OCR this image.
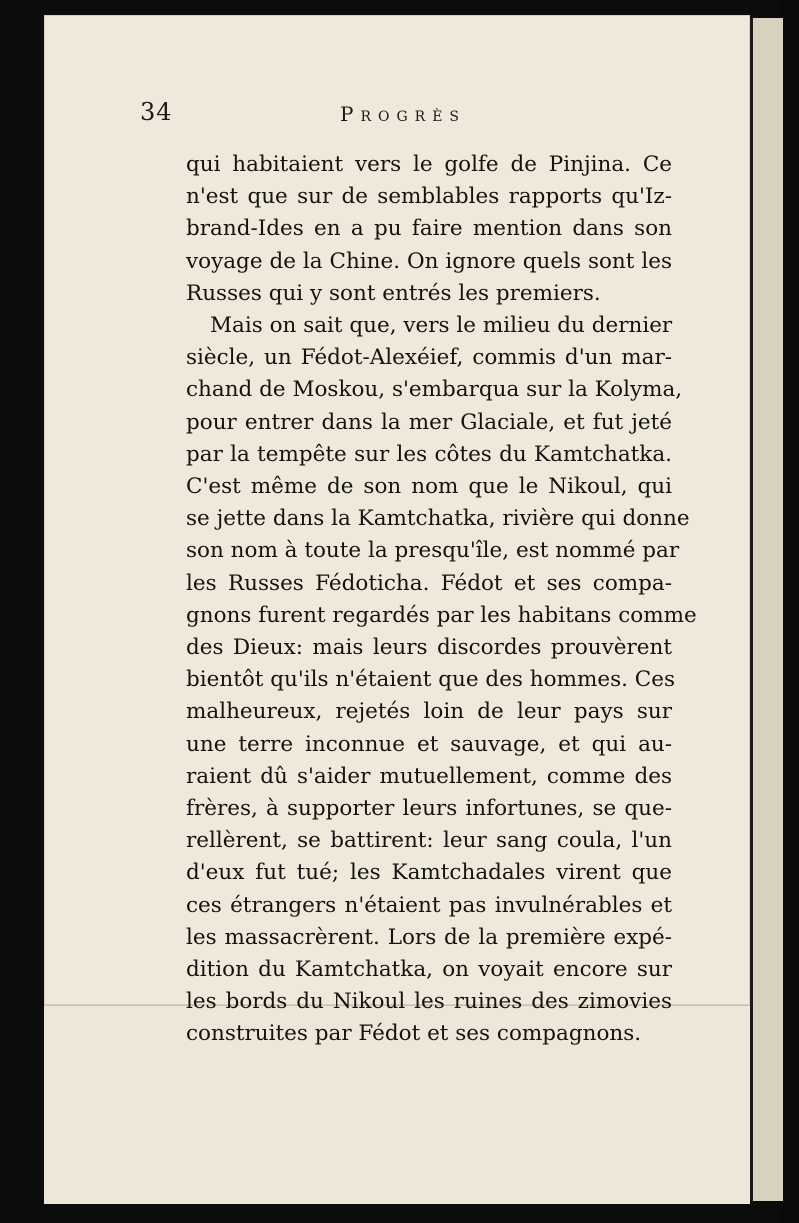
34	Progrès
qui habitaient vers le golfe de Pinjina. Ce
n'est que sur de semblables rapports qu'Iz-
brand-Ides en a pu faire mention dans son
voyage de la Chine. On ignore quels sont les
Russes qui y sont entrés les premiers.
Mais on sait que, vers le milieu du dernier
siècle, un Fédot-Alexéief, commis d'un mar-
chand de Moskou, s'embarqua sur la Kolyma,
pour entrer dans la mer Glaciale, et fut jeté
par la tempête sur les côtes du Kamtchatka.
C'est même de son nom que le Nikoul, qui
se jette dans la Kamtchatka, rivière qui donne
son nom à toute la presqu'île, est nommé par
les Russes Fédoticha. Fédot et ses compa-
gnons furent regardés par les habitans comme
des Dieux: mais leurs discordes prouvèrent
bientôt qu'ils n'étaient que des hommes. Ces
malheureux, rejetés loin de leur pays sur
une terre inconnue et sauvage, et qui au-
raient dû s'aider mutuellement, comme des
frères, à supporter leurs infortunes, se que-
rellèrent, se battirent: leur sang coula, l'un
d'eux fut tué; les Kamtchadales virent que
ces étrangers n'étaient pas invulnérables et
les massacrèrent. Lors de la première expé-
dition du Kamtchatka, on voyait encore sur
les bords du Nikoul les ruines des zimovies
construites par Fédot et ses compagnons.
